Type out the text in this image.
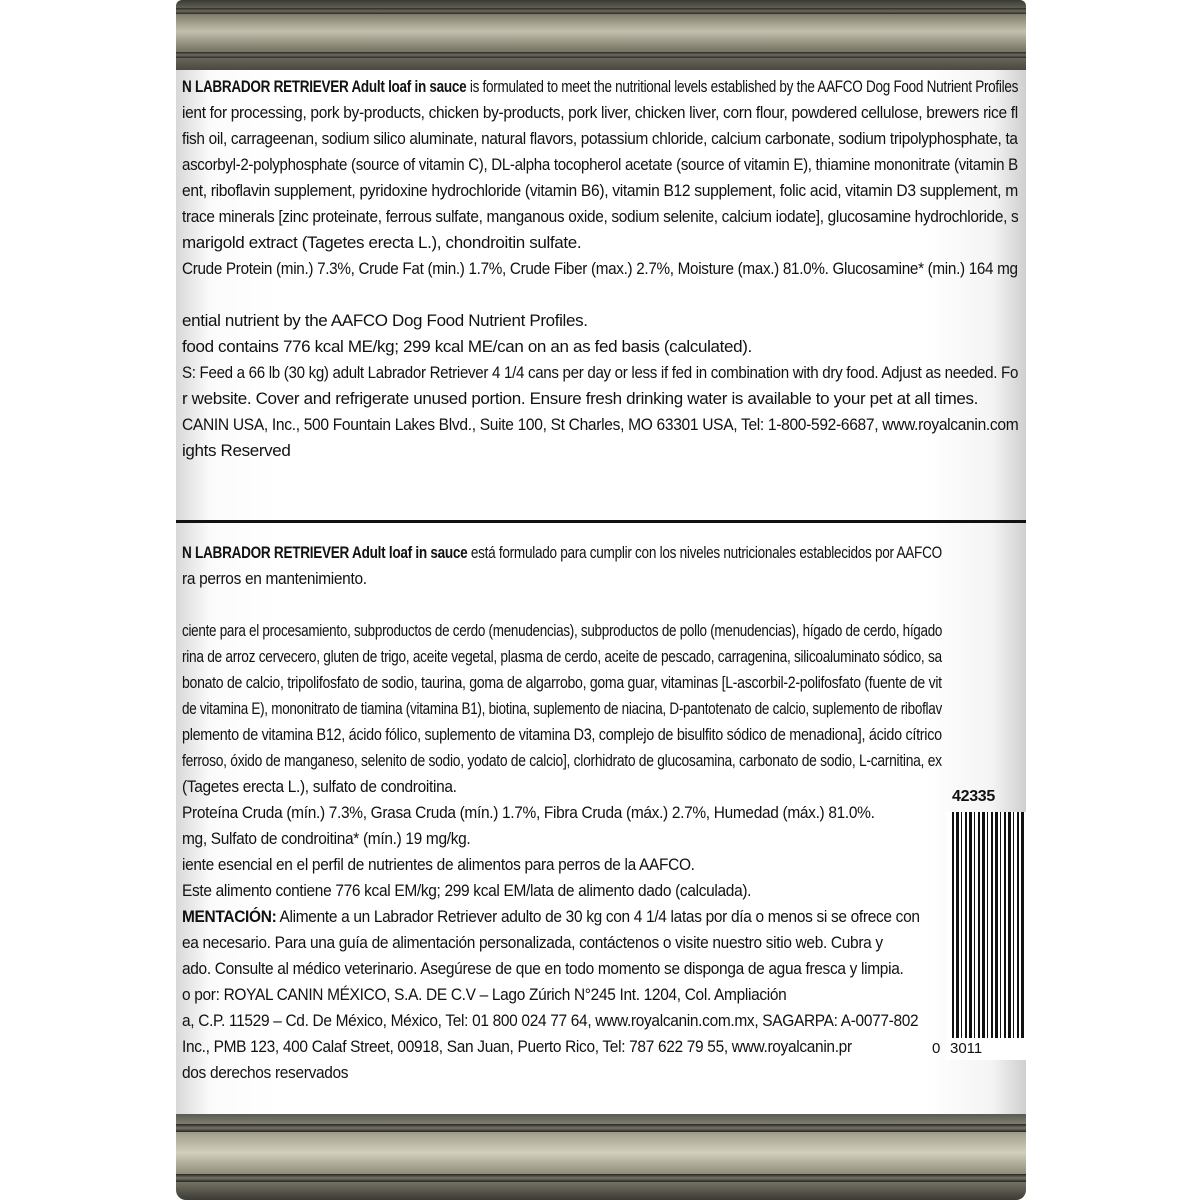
N LABRADOR RETRIEVER Adult loaf in sauce is formulated to meet the nutritional levels established by the AAFCO Dog Food Nutrient Profiles
ient for processing, pork by-products, chicken by-products, pork liver, chicken liver, corn flour, powdered cellulose, brewers rice fl
fish oil, carrageenan, sodium silico aluminate, natural flavors, potassium chloride, calcium carbonate, sodium tripolyphosphate, ta
ascorbyl-2-polyphosphate (source of vitamin C), DL-alpha tocopherol acetate (source of vitamin E), thiamine mononitrate (vitamin B
ent, riboflavin supplement, pyridoxine hydrochloride (vitamin B6), vitamin B12 supplement, folic acid, vitamin D3 supplement, m
trace minerals [zinc proteinate, ferrous sulfate, manganous oxide, sodium selenite, calcium iodate], glucosamine hydrochloride, s
marigold extract (Tagetes erecta L.), chondroitin sulfate.
Crude Protein (min.) 7.3%, Crude Fat (min.) 1.7%, Crude Fiber (max.) 2.7%, Moisture (max.) 81.0%. Glucosamine* (min.) 164 mg
ential nutrient by the AAFCO Dog Food Nutrient Profiles.
food contains 776 kcal ME/kg; 299 kcal ME/can on an as fed basis (calculated).
S: Feed a 66 lb (30 kg) adult Labrador Retriever 4 1/4 cans per day or less if fed in combination with dry food. Adjust as needed. Fo
r website. Cover and refrigerate unused portion. Ensure fresh drinking water is available to your pet at all times.
CANIN USA, Inc., 500 Fountain Lakes Blvd., Suite 100, St Charles, MO 63301 USA, Tel: 1-800-592-6687, www.royalcanin.com
ights Reserved
N LABRADOR RETRIEVER Adult loaf in sauce está formulado para cumplir con los niveles nutricionales establecidos por AAFCO
ra perros en mantenimiento.
ciente para el procesamiento, subproductos de cerdo (menudencias), subproductos de pollo (menudencias), hígado de cerdo, hígado
rina de arroz cervecero, gluten de trigo, aceite vegetal, plasma de cerdo, aceite de pescado, carragenina, silicoaluminato sódico, sa
bonato de calcio, tripolifosfato de sodio, taurina, goma de algarrobo, goma guar, vitaminas [L-ascorbil-2-polifosfato (fuente de vit
de vitamina E), mononitrato de tiamina (vitamina B1), biotina, suplemento de niacina, D-pantotenato de calcio, suplemento de riboflav
plemento de vitamina B12, ácido fólico, suplemento de vitamina D3, complejo de bisulfito sódico de menadiona], ácido cítrico
ferroso, óxido de manganeso, selenito de sodio, yodato de calcio], clorhidrato de glucosamina, carbonato de sodio, L-carnitina, ex
(Tagetes erecta L.), sulfato de condroitina.
Proteína Cruda (mín.) 7.3%, Grasa Cruda (mín.) 1.7%, Fibra Cruda (máx.) 2.7%, Humedad (máx.) 81.0%.
mg, Sulfato de condroitina* (mín.) 19 mg/kg.
iente esencial en el perfil de nutrientes de alimentos para perros de la AAFCO.
Este alimento contiene 776 kcal EM/kg; 299 kcal EM/lata de alimento dado (calculada).
MENTACIÓN: Alimente a un Labrador Retriever adulto de 30 kg con 4 1/4 latas por día o menos si se ofrece con
ea necesario. Para una guía de alimentación personalizada, contáctenos o visite nuestro sitio web. Cubra y
ado. Consulte al médico veterinario. Asegúrese de que en todo momento se disponga de agua fresca y limpia.
o por: ROYAL CANIN MÉXICO, S.A. DE C.V – Lago Zúrich N°245 Int. 1204, Col. Ampliación
a, C.P. 11529 – Cd. De México, México, Tel: 01 800 024 77 64, www.royalcanin.com.mx, SAGARPA: A-0077-802
Inc., PMB 123, 400 Calaf Street, 00918, San Juan, Puerto Rico, Tel: 787 622 79 55, www.royalcanin.pr
dos derechos reservados
42335
0 3011
